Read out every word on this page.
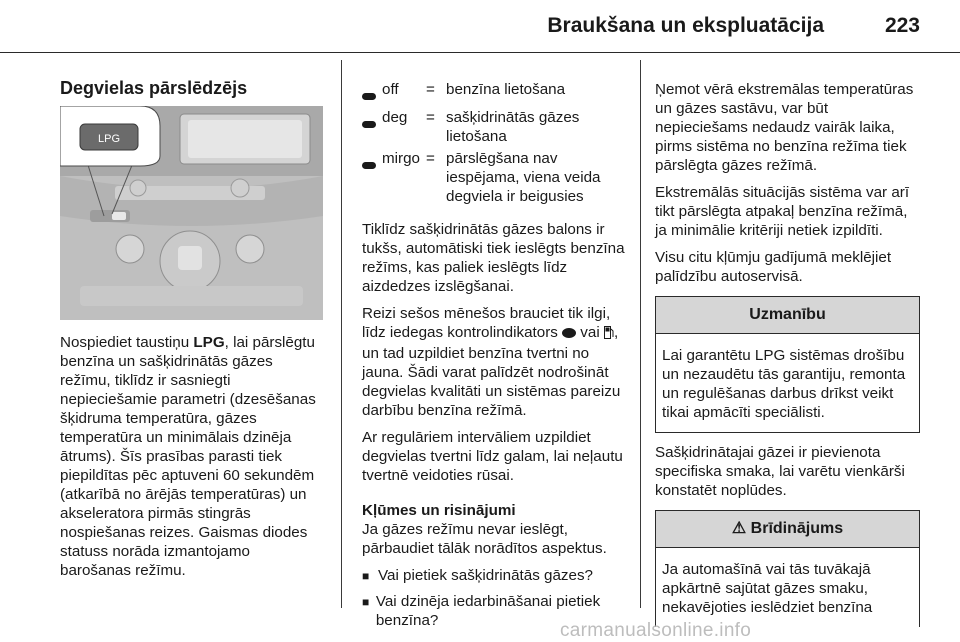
Braukšana un ekspluatācija	223
Degvielas pārslēdzējs
LPG
Nospiediet taustiņu LPG, lai pārslēgtu benzīna un sašķidrinātās gāzes režīmu, tiklīdz ir sasniegti nepieciešamie parametri (dzesēšanas šķidruma temperatūra, gāzes temperatūra un minimālais dzinēja ātrums). Šīs prasības parasti tiek piepildītas pēc aptuveni 60 sekundēm (atkarībā no ārējās temperatūras) un akseleratora pirmās stingrās nospiešanas reizes. Gaismas diodes statuss norāda izmantojamo barošanas režīmu.
off	= benzīna lietošana
deg	= sašķidrinātās gāzes lietošana
mirgo = pārslēgšana nav iespējama, viena veida degviela ir beigusies

Tiklīdz sašķidrinātās gāzes balons ir tukšs, automātiski tiek ieslēgts benzīna režīms, kas paliek ieslēgts līdz aizdedzes izslēgšanai.

Reizi sešos mēnešos brauciet tik ilgi, līdz iedegas kontrolindikators  vai , un tad uzpildiet benzīna tvertni no jauna. Šādi varat palīdzēt nodrošināt degvielas kvalitāti un sistēmas pareizu darbību benzīna režīmā.

Ar regulāriem intervāliem uzpildiet degvielas tvertni līdz galam, lai neļautu tvertnē veidoties rūsai.

Kļūmes un risinājumi

Ja gāzes režīmu nevar ieslēgt, pārbaudiet tālāk norādītos aspektus.

■ Vai pietiek sašķidrinātās gāzes?
■ Vai dzinēja iedarbināšanai pietiek benzīna?

Ņemot vērā ekstremālas temperatūras un gāzes sastāvu, var būt nepieciešams nedaudz vairāk laika, pirms sistēma no benzīna režīma tiek pārslēgta gāzes režīmā.

Ekstremālās situācijās sistēma var arī tikt pārslēgta atpakaļ benzīna režīmā, ja minimālie kritēriji netiek izpildīti.

Visu citu kļūmju gadījumā meklējiet palīdzību autoservisā.

Uzmanību
Lai garantētu LPG sistēmas drošību un nezaudētu tās garantiju, remonta un regulēšanas darbus drīkst veikt tikai apmācīti speciālisti.

Sašķidrinātajai gāzei ir pievienota specifiska smaka, lai varētu vienkārši konstatēt noplūdes.

⚠ Brīdinājums
Ja automašīnā vai tās tuvākajā apkārtnē sajūtat gāzes smaku, nekavējoties ieslēdziet benzīna
carmanualsonline.info
